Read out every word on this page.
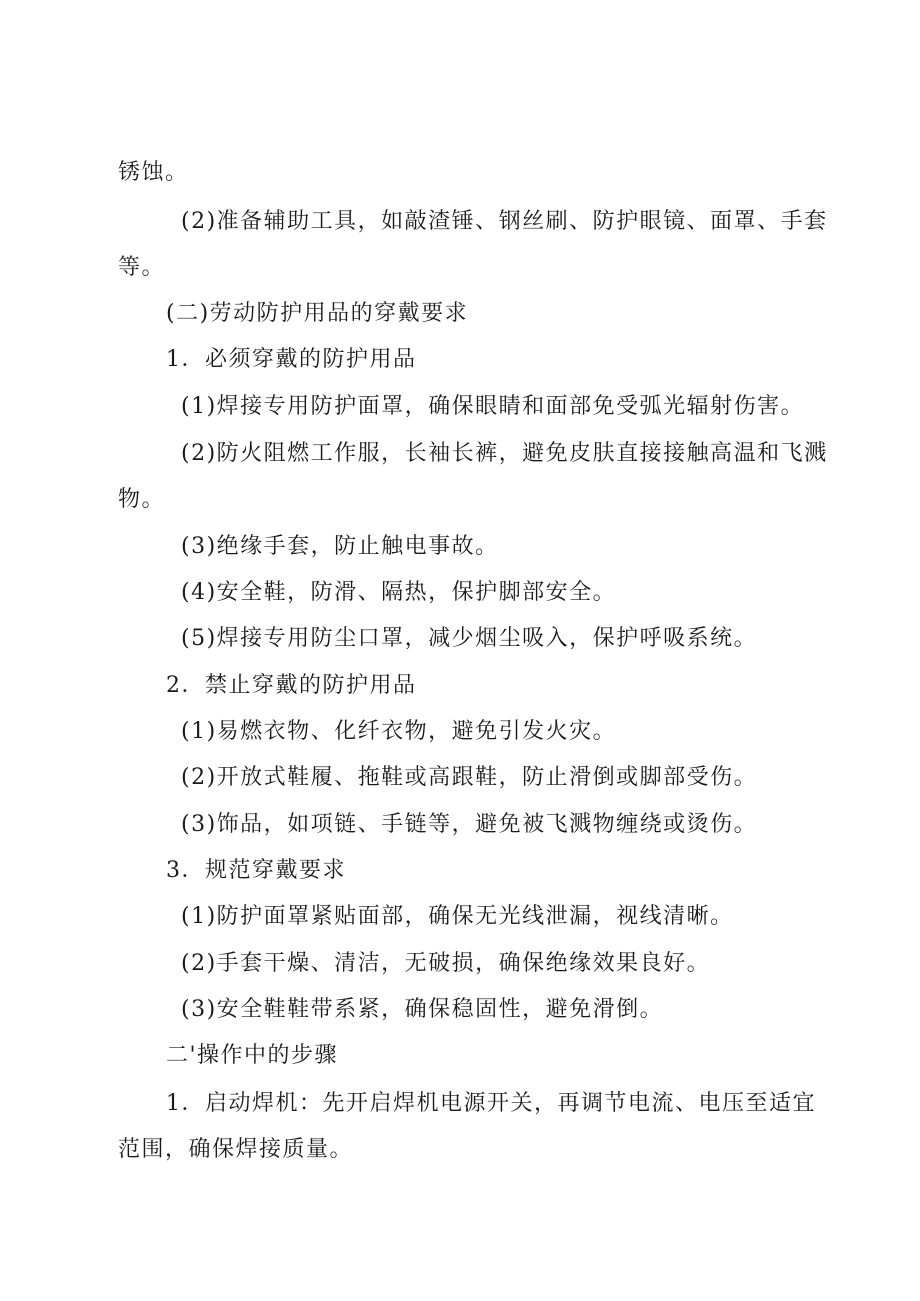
锈蚀。
(2)准备辅助工具，如敲渣锤、钢丝刷、防护眼镜、面罩、手套
等。
(二)劳动防护用品的穿戴要求
1．必须穿戴的防护用品
(1)焊接专用防护面罩，确保眼睛和面部免受弧光辐射伤害。
(2)防火阻燃工作服，长袖长裤，避免皮肤直接接触高温和飞溅
物。
(3)绝缘手套，防止触电事故。
(4)安全鞋，防滑、隔热，保护脚部安全。
(5)焊接专用防尘口罩，减少烟尘吸入，保护呼吸系统。
2．禁止穿戴的防护用品
(1)易燃衣物、化纤衣物，避免引发火灾。
(2)开放式鞋履、拖鞋或高跟鞋，防止滑倒或脚部受伤。
(3)饰品，如项链、手链等，避免被飞溅物缠绕或烫伤。
3．规范穿戴要求
(1)防护面罩紧贴面部，确保无光线泄漏，视线清晰。
(2)手套干燥、清洁，无破损，确保绝缘效果良好。
(3)安全鞋鞋带系紧，确保稳固性，避免滑倒。
二'操作中的步骤
1．启动焊机：先开启焊机电源开关，再调节电流、电压至适宜
范围，确保焊接质量。
